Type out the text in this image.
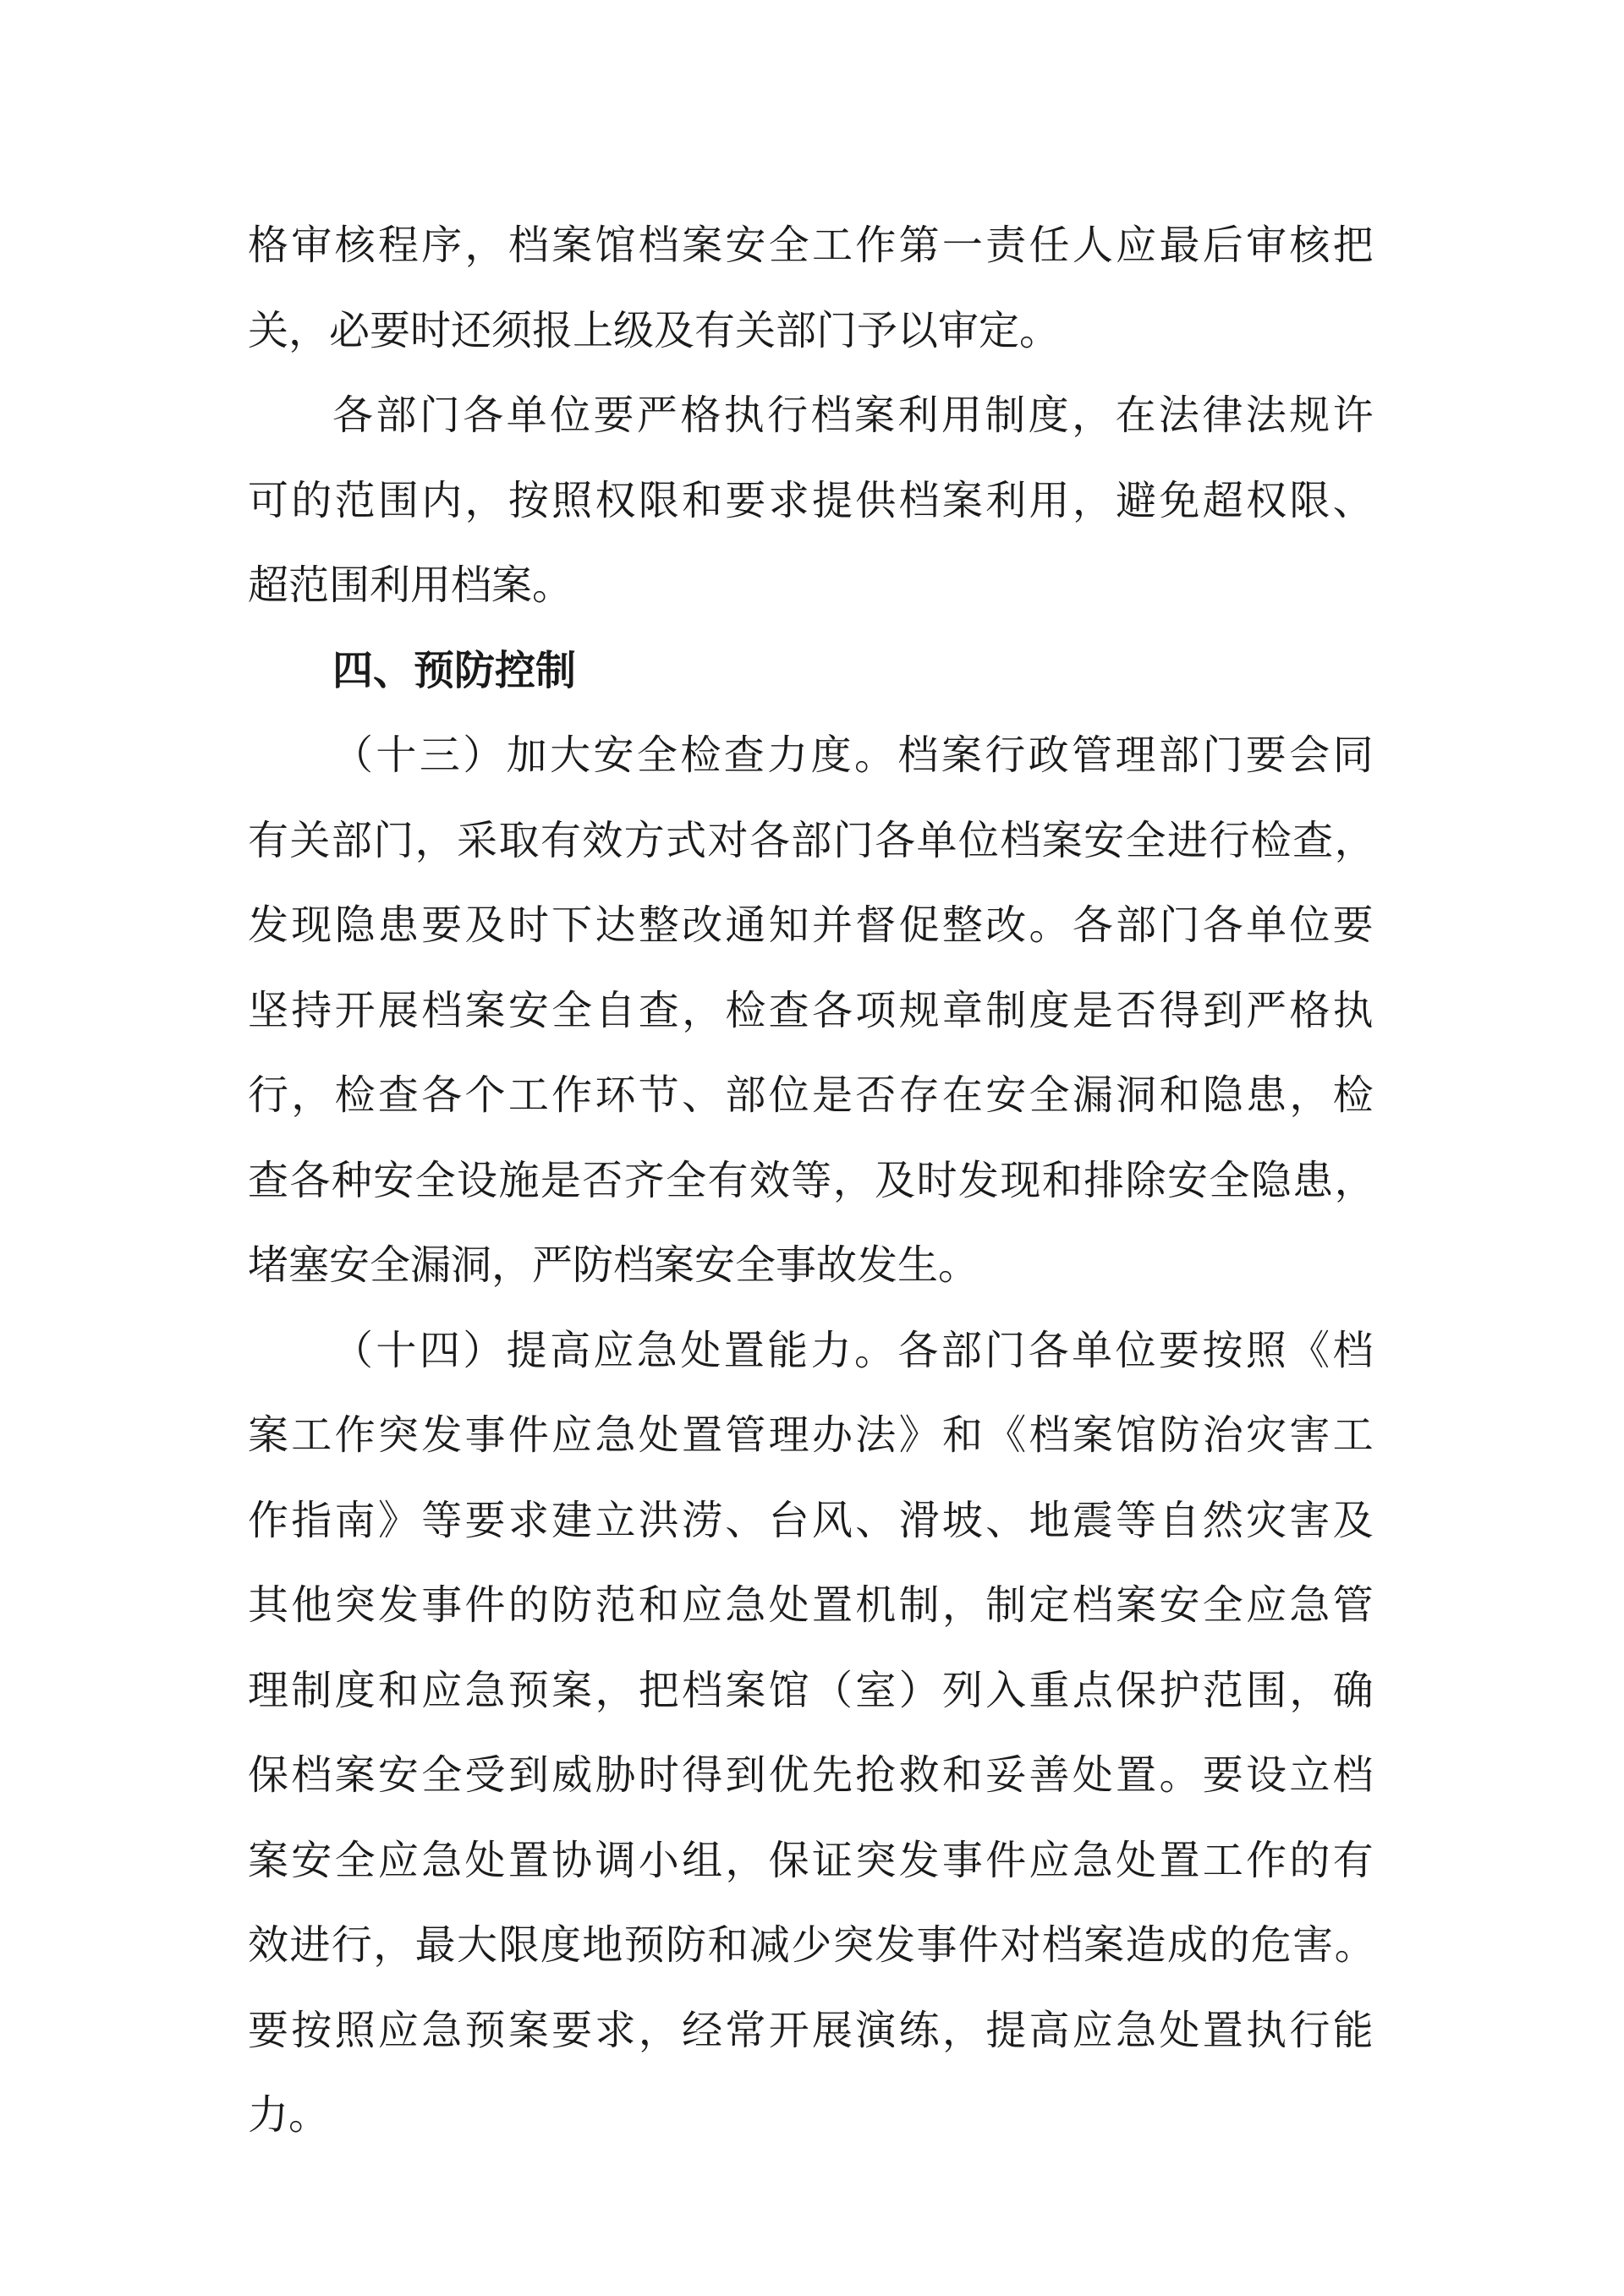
格审核程序，档案馆档案安全工作第一责任人应最后审核把

关，必要时还须报上级及有关部门予以审定。

各部门各单位要严格执行档案利用制度，在法律法规许

可的范围内，按照权限和要求提供档案利用，避免超权限、

超范围利用档案。

四、预防控制

（十三）加大安全检查力度。档案行政管理部门要会同

有关部门，采取有效方式对各部门各单位档案安全进行检查，

发现隐患要及时下达整改通知并督促整改。各部门各单位要

坚持开展档案安全自查，检查各项规章制度是否得到严格执

行，检查各个工作环节、部位是否存在安全漏洞和隐患，检

查各种安全设施是否齐全有效等，及时发现和排除安全隐患，

堵塞安全漏洞，严防档案安全事故发生。

（十四）提高应急处置能力。各部门各单位要按照《档

案工作突发事件应急处置管理办法》和《档案馆防治灾害工

作指南》等要求建立洪涝、台风、滑坡、地震等自然灾害及

其他突发事件的防范和应急处置机制，制定档案安全应急管

理制度和应急预案，把档案馆（室）列入重点保护范围，确

保档案安全受到威胁时得到优先抢救和妥善处置。要设立档

案安全应急处置协调小组，保证突发事件应急处置工作的有

效进行，最大限度地预防和减少突发事件对档案造成的危害。

要按照应急预案要求，经常开展演练，提高应急处置执行能

力。
